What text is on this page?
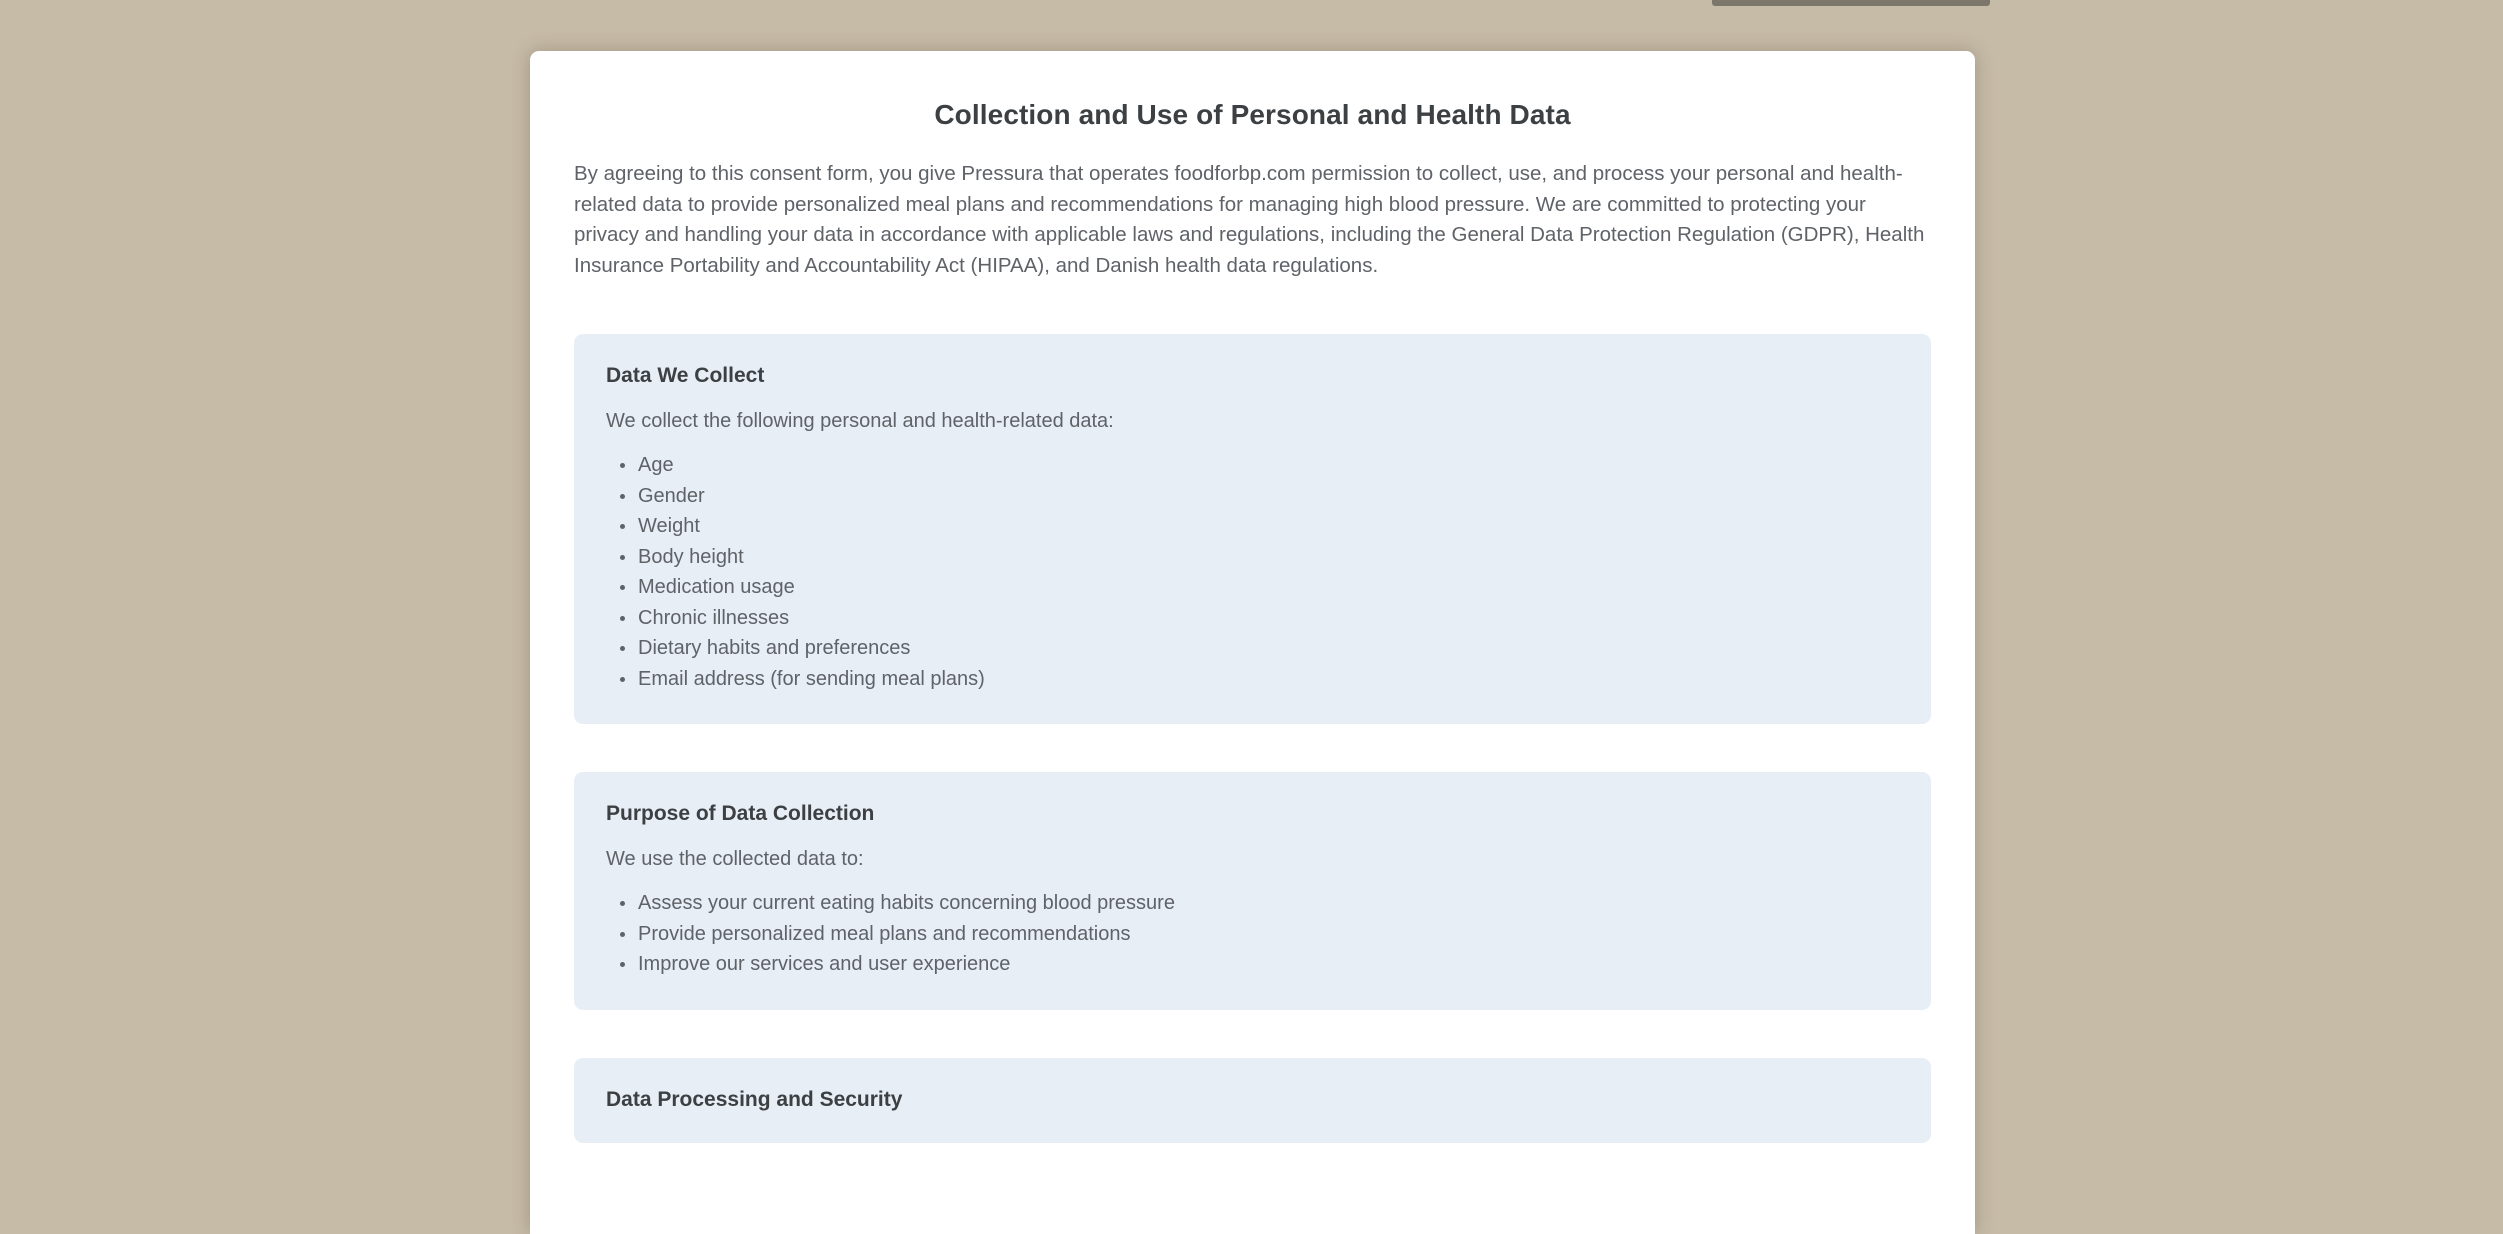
Collection and Use of Personal and Health Data

By agreeing to this consent form, you give Pressura that operates foodforbp.com permission to collect, use, and process your personal and health-related data to provide personalized meal plans and recommendations for managing high blood pressure. We are committed to protecting your privacy and handling your data in accordance with applicable laws and regulations, including the General Data Protection Regulation (GDPR), Health Insurance Portability and Accountability Act (HIPAA), and Danish health data regulations.

Data We Collect

We collect the following personal and health-related data:

Age
Gender
Weight
Body height
Medication usage
Chronic illnesses
Dietary habits and preferences
Email address (for sending meal plans)
Purpose of Data Collection

We use the collected data to:

Assess your current eating habits concerning blood pressure
Provide personalized meal plans and recommendations
Improve our services and user experience
Data Processing and Security
